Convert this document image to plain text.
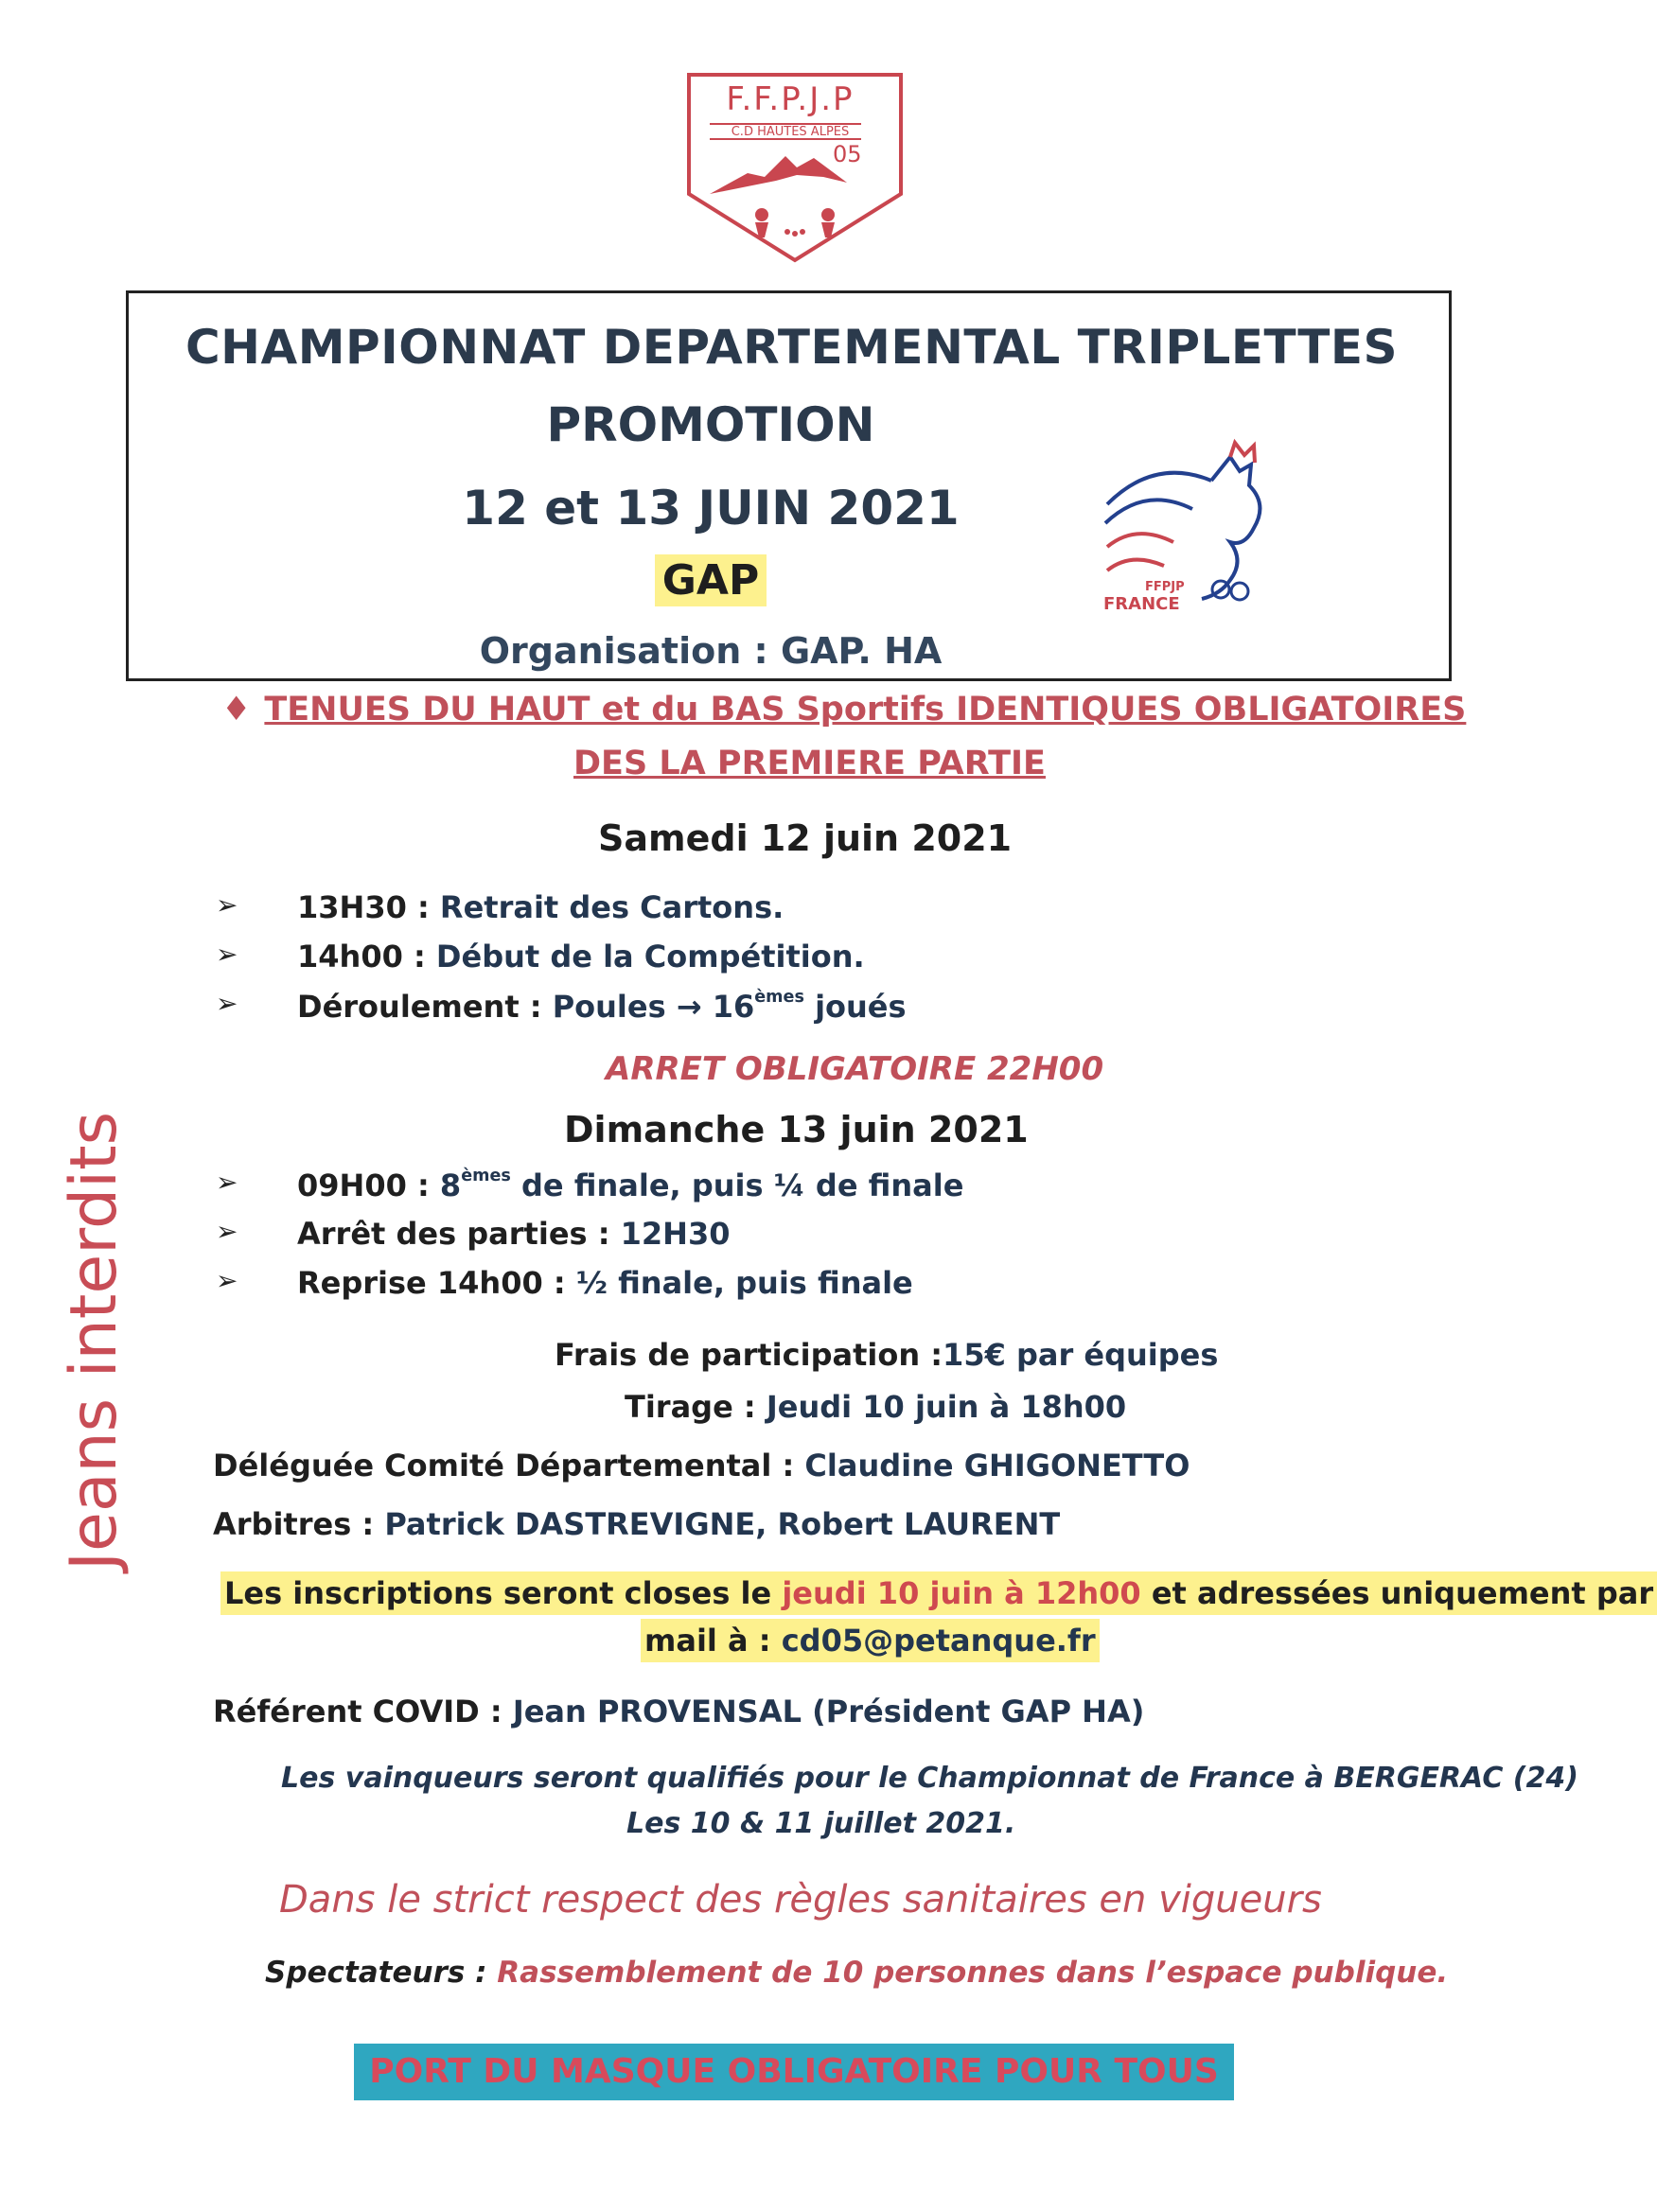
F.F.P.J.P
C.D HAUTES ALPES
05
CHAMPIONNAT DEPARTEMENTAL TRIPLETTES
PROMOTION
12 et 13 JUIN 2021
GAP
Organisation : GAP. HA
FFPJP
FRANCE
♦ TENUES DU HAUT et du BAS Sportifs IDENTIQUES OBLIGATOIRES
DES LA PREMIERE PARTIE
Samedi 12 juin 2021
➢ 13H30 : Retrait des Cartons.
➢ 14h00 : Début de la Compétition.
➢ Déroulement : Poules → 16èmes joués
ARRET OBLIGATOIRE 22H00
Dimanche 13 juin 2021
➢ 09H00 : 8èmes de finale, puis ¼ de finale
➢ Arrêt des parties : 12H30
➢ Reprise 14h00 : ½ finale, puis finale
Frais de participation :15€ par équipes
Tirage : Jeudi 10 juin à 18h00
Déléguée Comité Départemental : Claudine GHIGONETTO
Arbitres : Patrick DASTREVIGNE, Robert LAURENT
Les inscriptions seront closes le jeudi 10 juin à 12h00 et adressées uniquement par
mail à : cd05@petanque.fr
Référent COVID : Jean PROVENSAL (Président GAP HA)
Les vainqueurs seront qualifiés pour le Championnat de France à BERGERAC (24)
Les 10 & 11 juillet 2021.
Dans le strict respect des règles sanitaires en vigueurs
Spectateurs : Rassemblement de 10 personnes dans l’espace publique.
PORT DU MASQUE OBLIGATOIRE POUR TOUS
Jeans interdits
